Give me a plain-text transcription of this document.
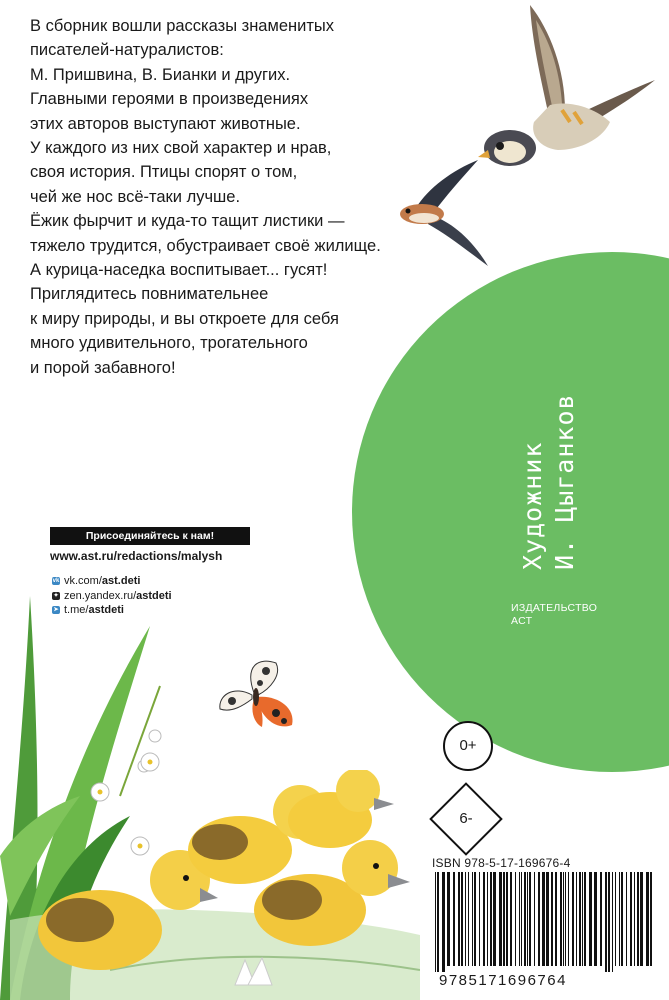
В сборник вошли рассказы знаменитых
писателей-натуралистов:
М. Пришвина, В. Бианки и других.
Главными героями в произведениях
этих авторов выступают животные.
У каждого из них свой характер и нрав,
своя история. Птицы спорят о том,
чей же нос всё-таки лучше.
Ёжик фырчит и куда-то тащит листики —
тяжело трудится, обустраивает своё жилище.
А курица-наседка воспитывает... гусят!
Приглядитесь повнимательнее
к миру природы, и вы откроете для себя
много удивительного, трогательного
и порой забавного!
Художник И. Цыганков
ИЗДАТЕЛЬСТВО
АСТ
Присоединяйтесь к нам!
www.ast.ru/redactions/malysh
vk vk.com/ast.deti
✦ zen.yandex.ru/astdeti
➤ t.me/astdeti
0+
6-
ISBN 978-5-17-169676-4
9785171696764
